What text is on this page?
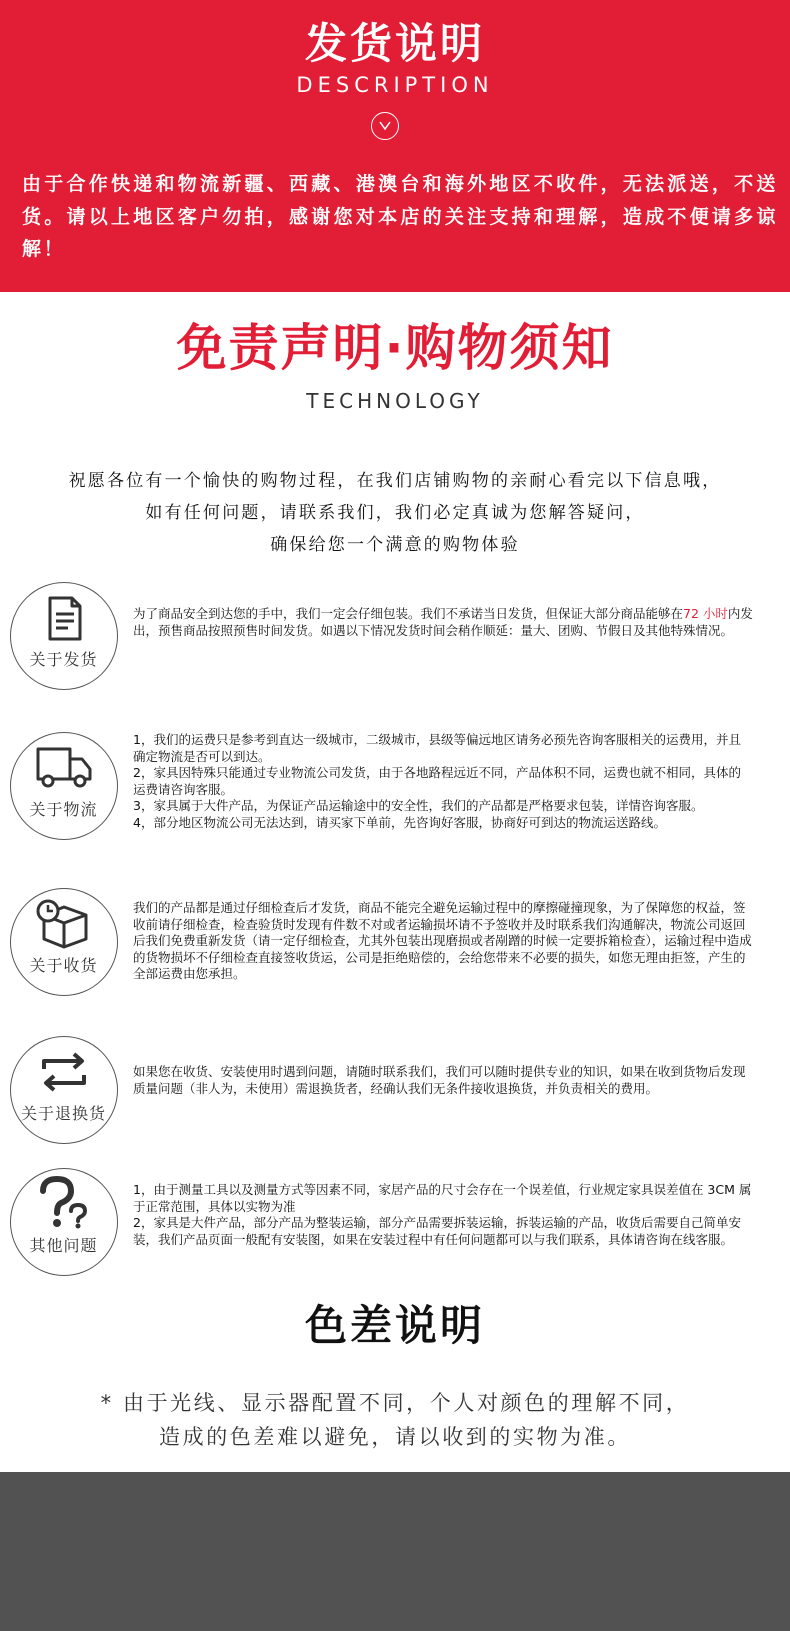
发货说明
DESCRIPTION
由于合作快递和物流新疆、西藏、港澳台和海外地区不收件，无法派送，不送货。请以上地区客户勿拍，感谢您对本店的关注支持和理解，造成不便请多谅解！
免责声明·购物须知
TECHNOLOGY
祝愿各位有一个愉快的购物过程，在我们店铺购物的亲耐心看完以下信息哦，
如有任何问题，请联系我们，我们必定真诚为您解答疑问，
确保给您一个满意的购物体验
关于发货
为了商品安全到达您的手中，我们一定会仔细包装。我们不承诺当日发货，但保证大部分商品能够在72 小时内发出，预售商品按照预售时间发货。如遇以下情况发货时间会稍作顺延：量大、团购、节假日及其他特殊情况。
关于物流

1，我们的运费只是参考到直达一级城市，二级城市，县级等偏远地区请务必预先咨询客服相关的运费用，并且确定物流是否可以到达。

2，家具因特殊只能通过专业物流公司发货，由于各地路程远近不同，产品体积不同，运费也就不相同，具体的运费请咨询客服。

3，家具属于大件产品，为保证产品运输途中的安全性，我们的产品都是严格要求包装，详情咨询客服。

4，部分地区物流公司无法达到，请买家下单前，先咨询好客服，协商好可到达的物流运送路线。

关于收货
我们的产品都是通过仔细检查后才发货，商品不能完全避免运输过程中的摩擦碰撞现象，为了保障您的权益，签收前请仔细检查，检查验货时发现有件数不对或者运输损坏请不予签收并及时联系我们沟通解决，物流公司返回后我们免费重新发货（请一定仔细检查，尤其外包装出现磨损或者剐蹭的时候一定要拆箱检查），运输过程中造成的货物损坏不仔细检查直接签收货运，公司是拒绝赔偿的，会给您带来不必要的损失，如您无理由拒签，产生的全部运费由您承担。
关于退换货
如果您在收货、安装使用时遇到问题，请随时联系我们，我们可以随时提供专业的知识，如果在收到货物后发现质量问题（非人为，未使用）需退换货者，经确认我们无条件接收退换货，并负责相关的费用。
其他问题

1，由于测量工具以及测量方式等因素不同，家居产品的尺寸会存在一个误差值，行业规定家具误差值在 3CM 属于正常范围，具体以实物为准

2，家具是大件产品，部分产品为整装运输，部分产品需要拆装运输，拆装运输的产品，收货后需要自己简单安装，我们产品页面一般配有安装图，如果在安装过程中有任何问题都可以与我们联系，具体请咨询在线客服。

色差说明
* 由于光线、显示器配置不同，个人对颜色的理解不同，
造成的色差难以避免，请以收到的实物为准。
